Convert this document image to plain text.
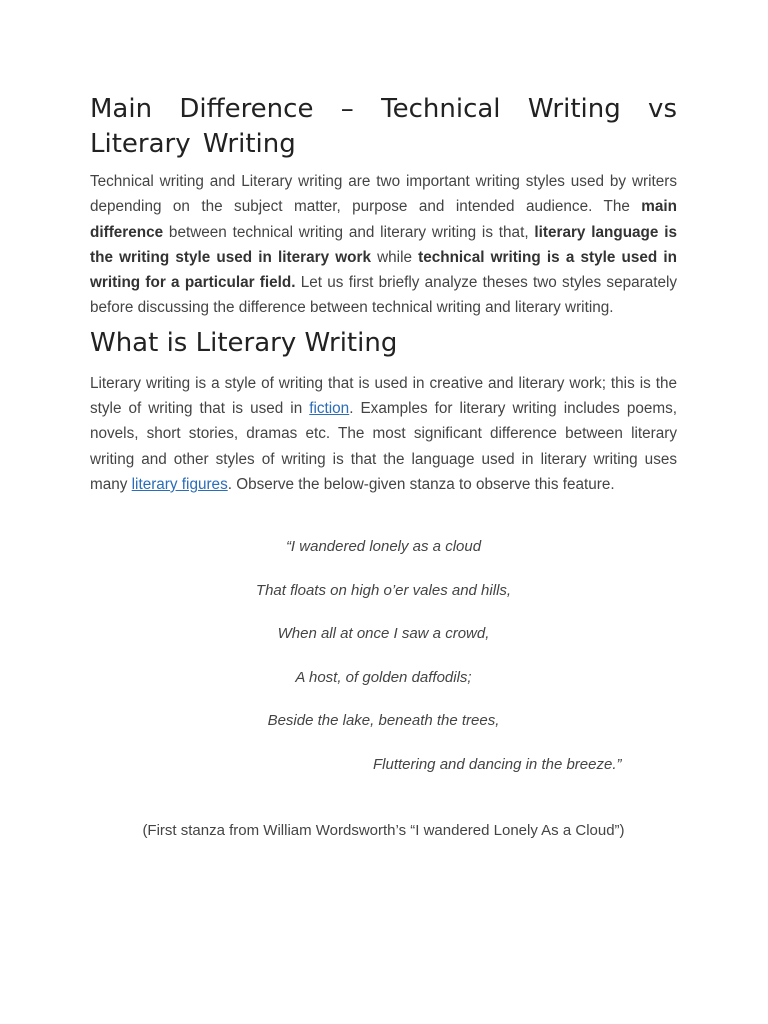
Main Difference – Technical Writing vs Literary Writing

Technical writing and Literary writing are two important writing styles used by writers depending on the subject matter, purpose and intended audience. The main difference between technical writing and literary writing is that, literary language is the writing style used in literary work while technical writing is a style used in writing for a particular field. Let us first briefly analyze theses two styles separately before discussing the difference between technical writing and literary writing.

What is Literary Writing

Literary writing is a style of writing that is used in creative and literary work; this is the style of writing that is used in fiction. Examples for literary writing includes poems, novels, short stories, dramas etc. The most significant difference between literary writing and other styles of writing is that the language used in literary writing uses many literary figures. Observe the below-given stanza to observe this feature.

“I wandered lonely as a cloud
That floats on high o’er vales and hills,
When all at once I saw a crowd,
A host, of golden daffodils;
Beside the lake, beneath the trees,
Fluttering and dancing in the breeze.”
(First stanza from William Wordsworth’s “I wandered Lonely As a Cloud”)
